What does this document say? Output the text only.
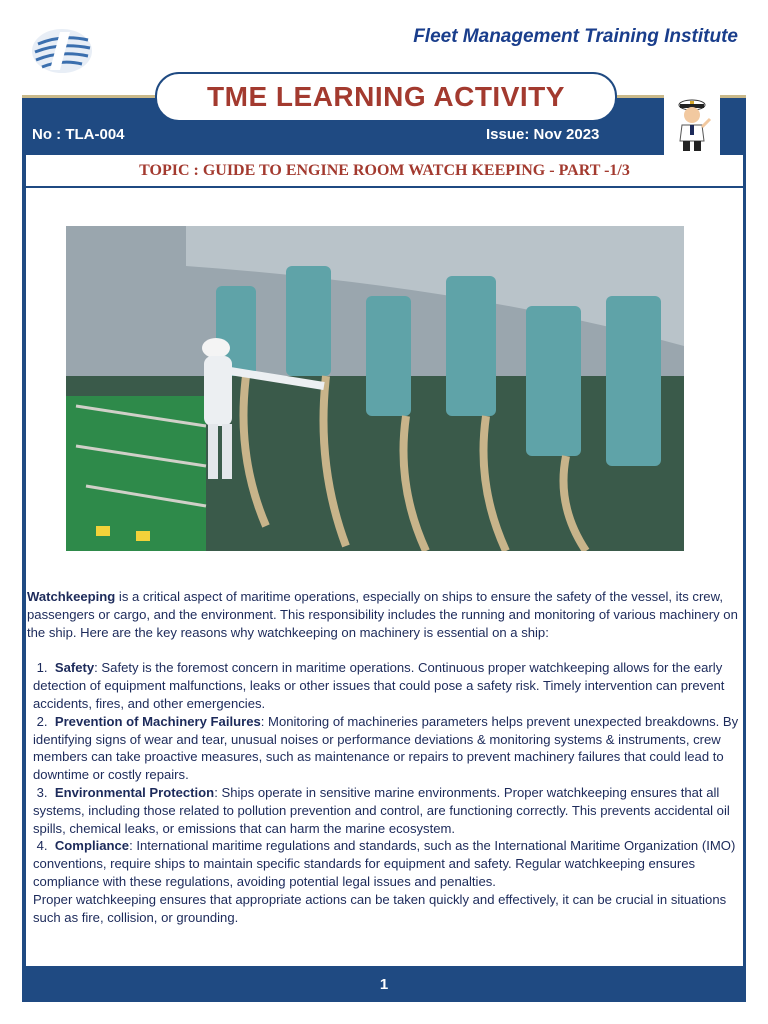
Fleet Management Training Institute
TME LEARNING ACTIVITY
No : TLA-004	Issue: Nov 2023
TOPIC : GUIDE TO ENGINE ROOM WATCH KEEPING - PART -1/3

Watchkeeping is a critical aspect of maritime operations, especially on ships to ensure the safety of the vessel, its crew, passengers or cargo, and the environment. This responsibility includes the running and monitoring of various machinery on the ship. Here are the key reasons why watchkeeping on machinery is essential on a ship:

1. Safety: Safety is the foremost concern in maritime operations. Continuous proper watchkeeping allows for the early detection of equipment malfunctions, leaks or other issues that could pose a safety risk. Timely intervention can prevent accidents, fires, and other emergencies.

2. Prevention of Machinery Failures: Monitoring of machineries parameters helps prevent unexpected breakdowns. By identifying signs of wear and tear, unusual noises or performance deviations & monitoring systems & instruments, crew members can take proactive measures, such as maintenance or repairs to prevent machinery failures that could lead to downtime or costly repairs.

3. Environmental Protection: Ships operate in sensitive marine environments. Proper watchkeeping ensures that all systems, including those related to pollution prevention and control, are functioning correctly. This prevents accidental oil spills, chemical leaks, or emissions that can harm the marine ecosystem.

4. Compliance: International maritime regulations and standards, such as the International Maritime Organization (IMO) conventions, require ships to maintain specific standards for equipment and safety. Regular watchkeeping ensures compliance with these regulations, avoiding potential legal issues and penalties.

Proper watchkeeping ensures that appropriate actions can be taken quickly and effectively, it can be crucial in situations such as fire, collision, or grounding.

1
